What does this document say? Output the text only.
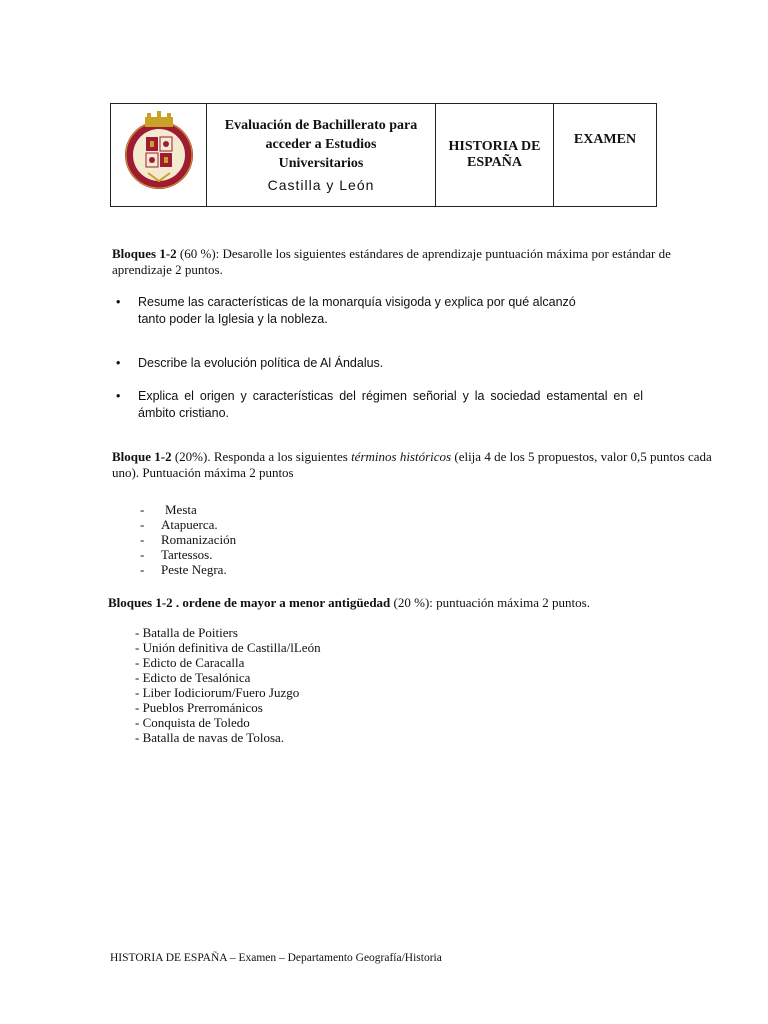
Evaluación de Bachillerato para
acceder a Estudios
Universitarios
Castilla y León

HISTORIA DE
ESPAÑA
	EXAMEN
Bloques 1-2 (60 %): Desarolle los siguientes estándares de aprendizaje puntuación máxima por estándar de aprendizaje 2 puntos.
• Resume las características de la monarquía visigoda y explica por qué alcanzó tanto poder la Iglesia y la nobleza.
• Describe la evolución política de Al Ándalus.
• Explica el origen y características del régimen señorial y la sociedad estamental en el ámbito cristiano.
Bloque 1-2 (20%). Responda a los siguientes términos históricos (elija 4 de los 5 propuestos, valor 0,5 puntos cada uno). Puntuación máxima 2 puntos
- Mesta
- Atapuerca.
- Romanización
- Tartessos.
- Peste Negra.
Bloques 1-2 . ordene de mayor a menor antigüedad (20 %): puntuación máxima 2 puntos.
- Batalla de Poitiers
- Unión definitiva de Castilla/lLeón
- Edicto de Caracalla
- Edicto de Tesalónica
- Liber Iodiciorum/Fuero Juzgo
- Pueblos Prerrománicos
- Conquista de Toledo
- Batalla de navas de Tolosa.
HISTORIA DE ESPAÑA – Examen – Departamento Geografía/Historia
